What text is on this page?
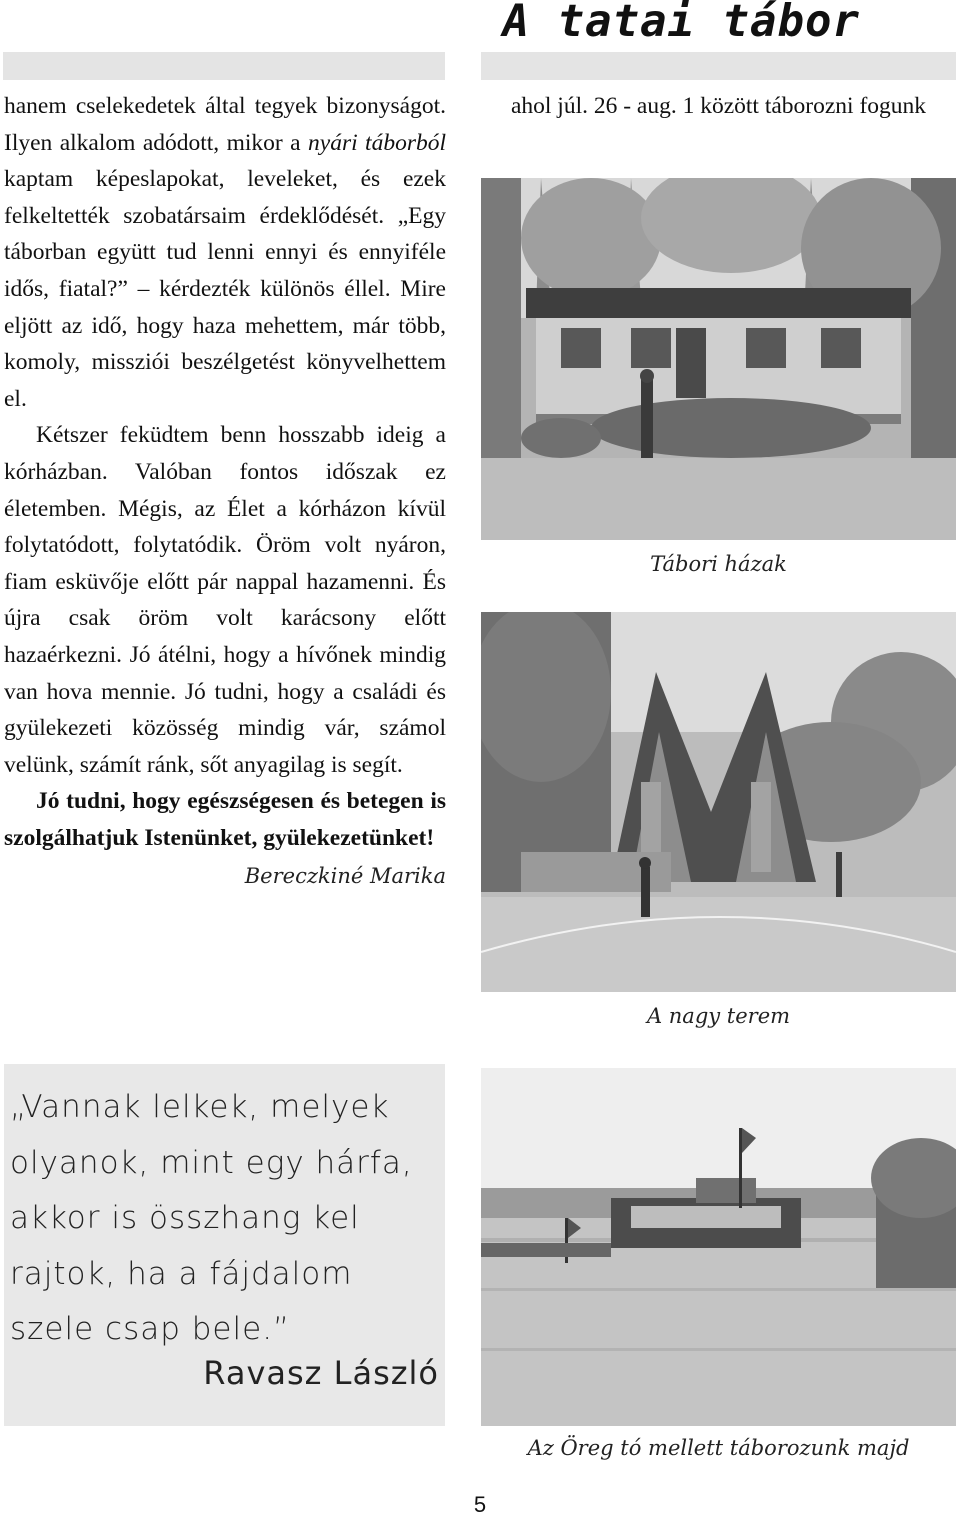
A tatai tábor

hanem cselekedetek által tegyek bizonyságot. Ilyen alkalom adódott, mikor a nyári táborból kaptam képeslapokat, leveleket, és ezek felkeltették szobatársaim érdeklődését. „Egy táborban együtt tud lenni ennyi és ennyiféle idős, fiatal?” – kérdezték különös éllel. Mire eljött az idő, hogy haza mehettem, már több, komoly, missziói beszélgetést könyvelhettem el.

Kétszer feküdtem benn hosszabb ideig a kórházban. Valóban fontos időszak ez életemben. Mégis, az Élet a kórházon kívül folytatódott, folytatódik. Öröm volt nyáron, fiam esküvője előtt pár nappal hazamenni. És újra csak öröm volt karácsony előtt hazaérkezni. Jó átélni, hogy a hívőnek mindig van hova mennie. Jó tudni, hogy a családi és gyülekezeti közösség mindig vár, számol velünk, számít ránk, sőt anyagilag is segít.

Jó tudni, hogy egészségesen és betegen is szolgálhatjuk Istenünket, gyülekezetünket!

Bereczkiné Marika
„Vannak lelkek, melyek olyanok, mint egy hárfa, akkor is összhang kel rajtok, ha a fájdalom szele csap bele.”
Ravasz László
ahol júl. 26 - aug. 1 között táborozni fogunk
Tábori házak
A nagy terem
Az Öreg tó mellett táborozunk majd
5
